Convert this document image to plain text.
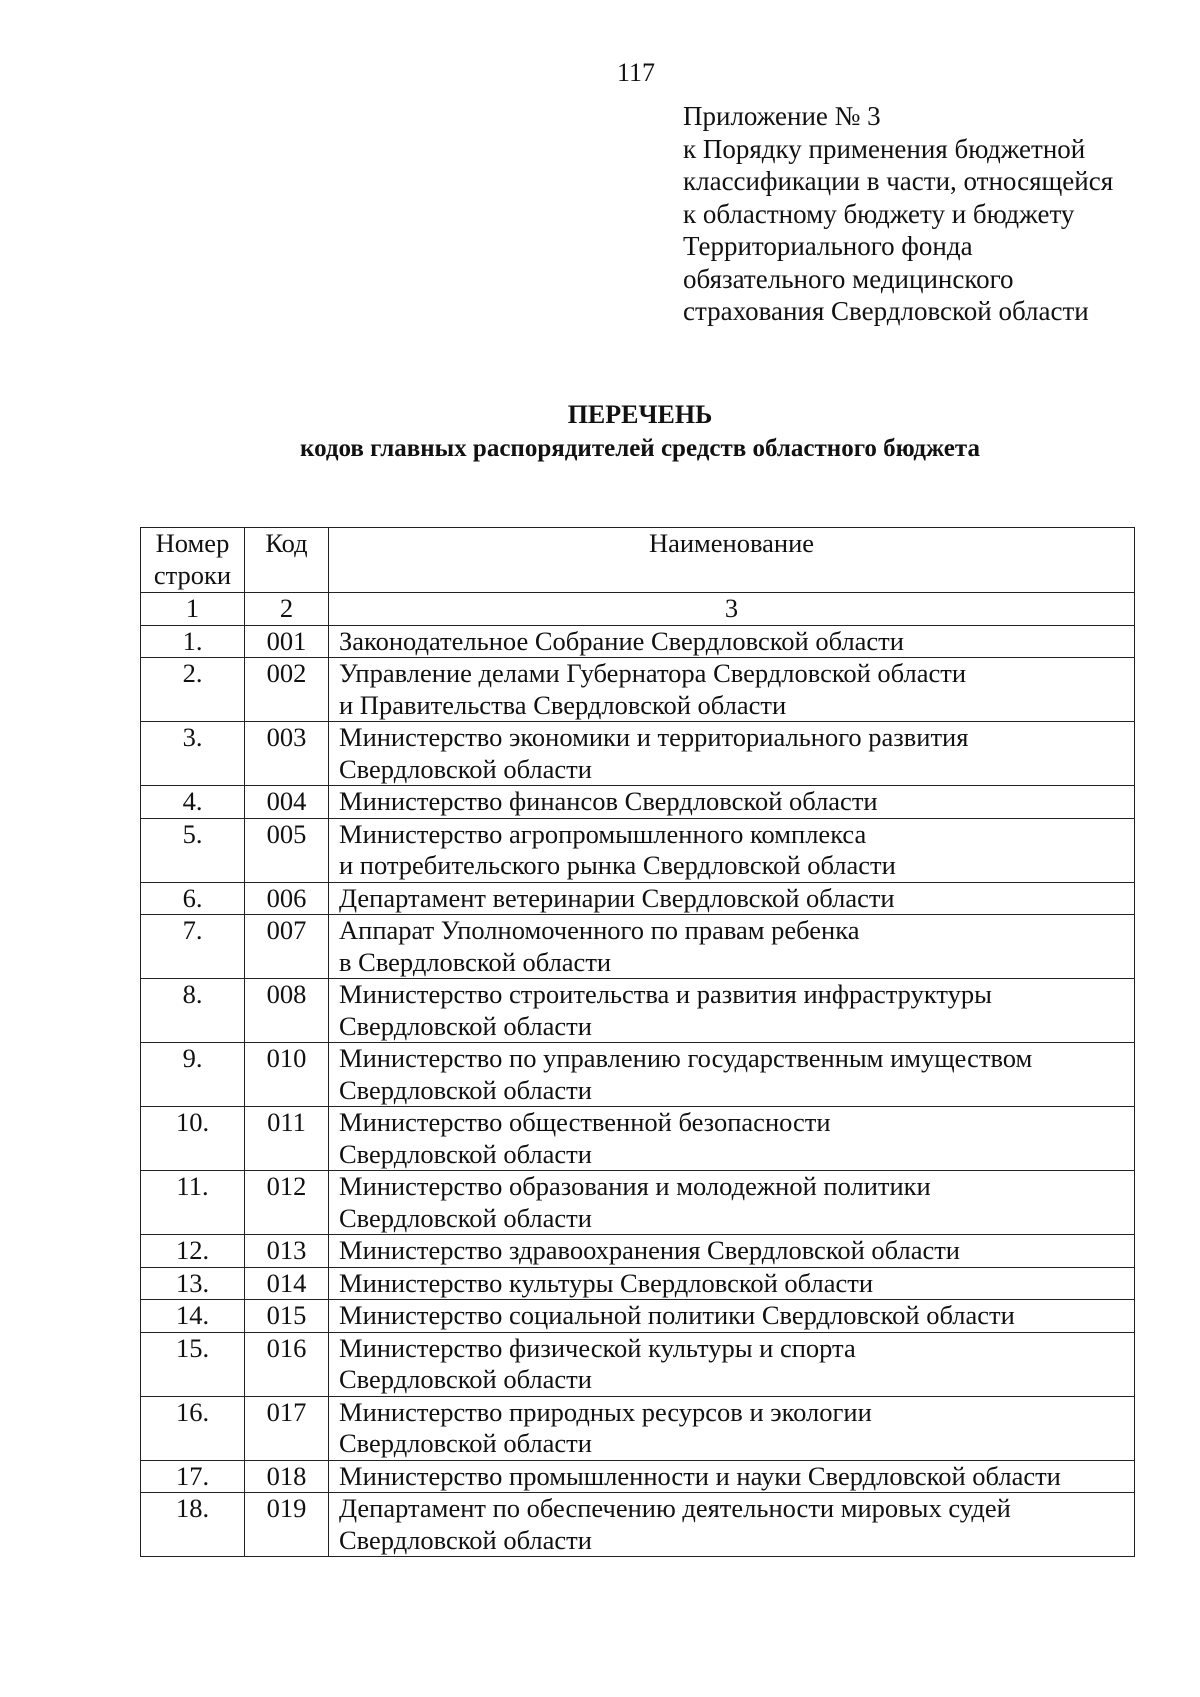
117
Приложение № 3
к Порядку применения бюджетной
классификации в части, относящейся
к областному бюджету и бюджету
Территориального фонда
обязательного медицинского
страхования Свердловской области
ПЕРЕЧЕНЬ
кодов главных распорядителей средств областного бюджета
Номер
строки	Код	Наименование
1	2	3
1.	001	Законодательное Собрание Свердловской области

2.	002	Управление делами Губернатора Свердловской области
и Правительства Свердловской области

3.	003	Министерство экономики и территориального развития
Свердловской области

4.	004	Министерство финансов Свердловской области

5.	005	Министерство агропромышленного комплекса
и потребительского рынка Свердловской области

6.	006	Департамент ветеринарии Свердловской области

7.	007	Аппарат Уполномоченного по правам ребенка
в Свердловской области

8.	008	Министерство строительства и развития инфраструктуры
Свердловской области

9.	010	Министерство по управлению государственным имуществом
Свердловской области

10.	011	Министерство общественной безопасности
Свердловской области

11.	012	Министерство образования и молодежной политики
Свердловской области

12.	013	Министерство здравоохранения Свердловской области

13.	014	Министерство культуры Свердловской области

14.	015	Министерство социальной политики Свердловской области

15.	016	Министерство физической культуры и спорта
Свердловской области

16.	017	Министерство природных ресурсов и экологии
Свердловской области

17.	018	Министерство промышленности и науки Свердловской области

18.	019	Департамент по обеспечению деятельности мировых судей
Свердловской области
